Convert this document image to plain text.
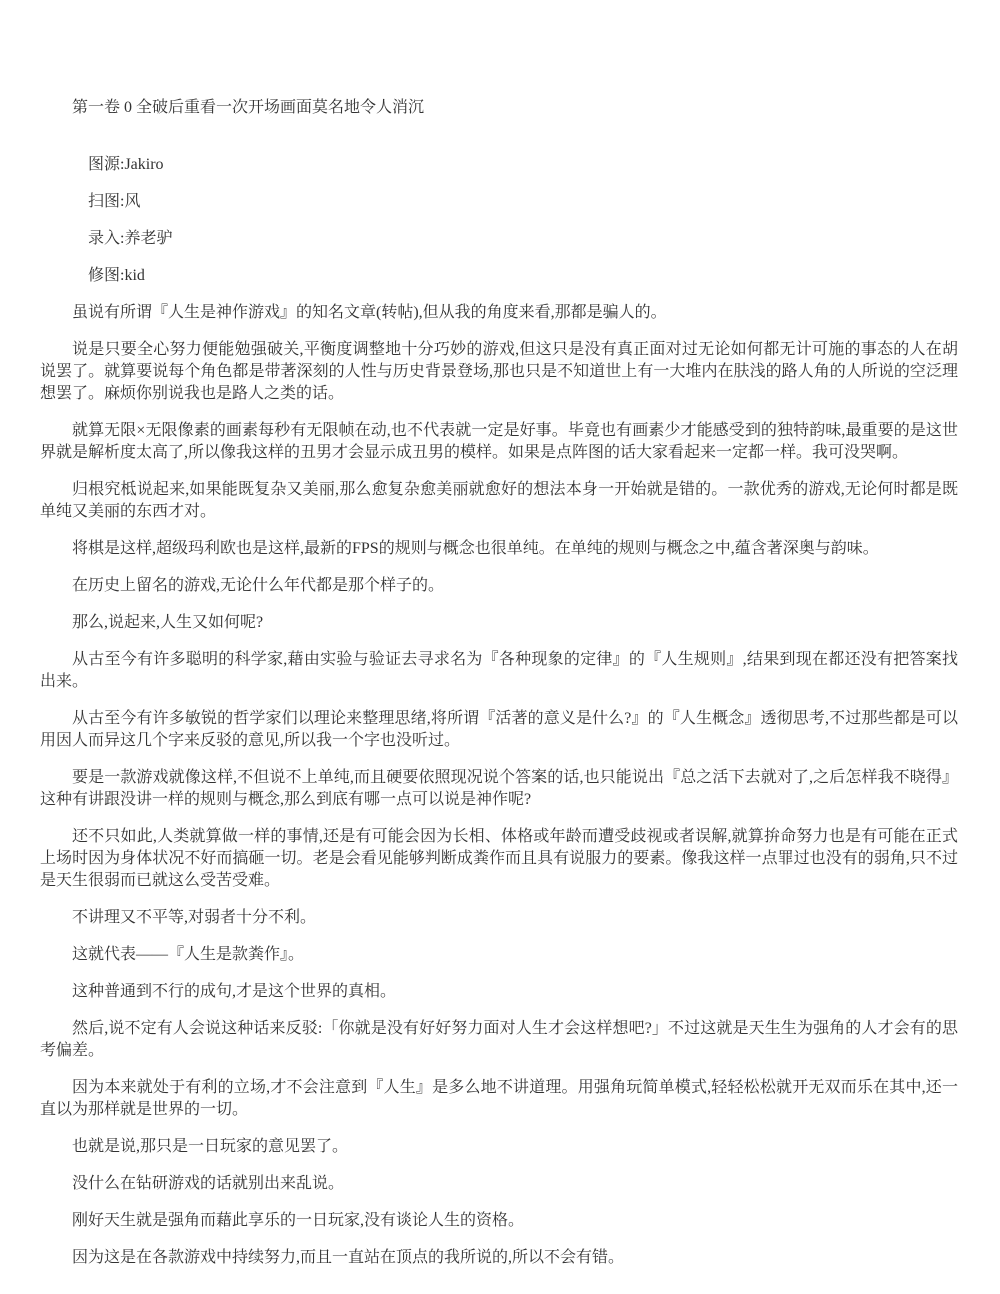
第一卷 0 全破后重看一次开场画面莫名地令人消沉

图源:Jakiro

扫图:风

录入:养老驴

修图:kid

虽说有所谓『人生是神作游戏』的知名文章(转帖),但从我的角度来看,那都是骗人的。

说是只要全心努力便能勉强破关,平衡度调整地十分巧妙的游戏,但这只是没有真正面对过无论如何都无计可施的事态的人在胡说罢了。就算要说每个角色都是带著深刻的人性与历史背景登场,那也只是不知道世上有一大堆内在肤浅的路人角的人所说的空泛理想罢了。麻烦你别说我也是路人之类的话。

就算无限×无限像素的画素每秒有无限帧在动,也不代表就一定是好事。毕竟也有画素少才能感受到的独特韵味,最重要的是这世界就是解析度太高了,所以像我这样的丑男才会显示成丑男的模样。如果是点阵图的话大家看起来一定都一样。我可没哭啊。

归根究柢说起来,如果能既复杂又美丽,那么愈复杂愈美丽就愈好的想法本身一开始就是错的。一款优秀的游戏,无论何时都是既单纯又美丽的东西才对。

将棋是这样,超级玛利欧也是这样,最新的FPS的规则与概念也很单纯。在单纯的规则与概念之中,蕴含著深奥与韵味。

在历史上留名的游戏,无论什么年代都是那个样子的。

那么,说起来,人生又如何呢?

从古至今有许多聪明的科学家,藉由实验与验证去寻求名为『各种现象的定律』的『人生规则』,结果到现在都还没有把答案找出来。

从古至今有许多敏锐的哲学家们以理论来整理思绪,将所谓『活著的意义是什么?』的『人生概念』透彻思考,不过那些都是可以用因人而异这几个字来反驳的意见,所以我一个字也没听过。

要是一款游戏就像这样,不但说不上单纯,而且硬要依照现况说个答案的话,也只能说出『总之活下去就对了,之后怎样我不晓得』这种有讲跟没讲一样的规则与概念,那么到底有哪一点可以说是神作呢?

还不只如此,人类就算做一样的事情,还是有可能会因为长相、体格或年龄而遭受歧视或者误解,就算拚命努力也是有可能在正式上场时因为身体状况不好而搞砸一切。老是会看见能够判断成粪作而且具有说服力的要素。像我这样一点罪过也没有的弱角,只不过是天生很弱而已就这么受苦受难。

不讲理又不平等,对弱者十分不利。

这就代表——『人生是款粪作』。

这种普通到不行的成句,才是这个世界的真相。

然后,说不定有人会说这种话来反驳:「你就是没有好好努力面对人生才会这样想吧?」不过这就是天生生为强角的人才会有的思考偏差。

因为本来就处于有利的立场,才不会注意到『人生』是多么地不讲道理。用强角玩简单模式,轻轻松松就开无双而乐在其中,还一直以为那样就是世界的一切。

也就是说,那只是一日玩家的意见罢了。

没什么在钻研游戏的话就别出来乱说。

刚好天生就是强角而藉此享乐的一日玩家,没有谈论人生的资格。

因为这是在各款游戏中持续努力,而且一直站在顶点的我所说的,所以不会有错。
